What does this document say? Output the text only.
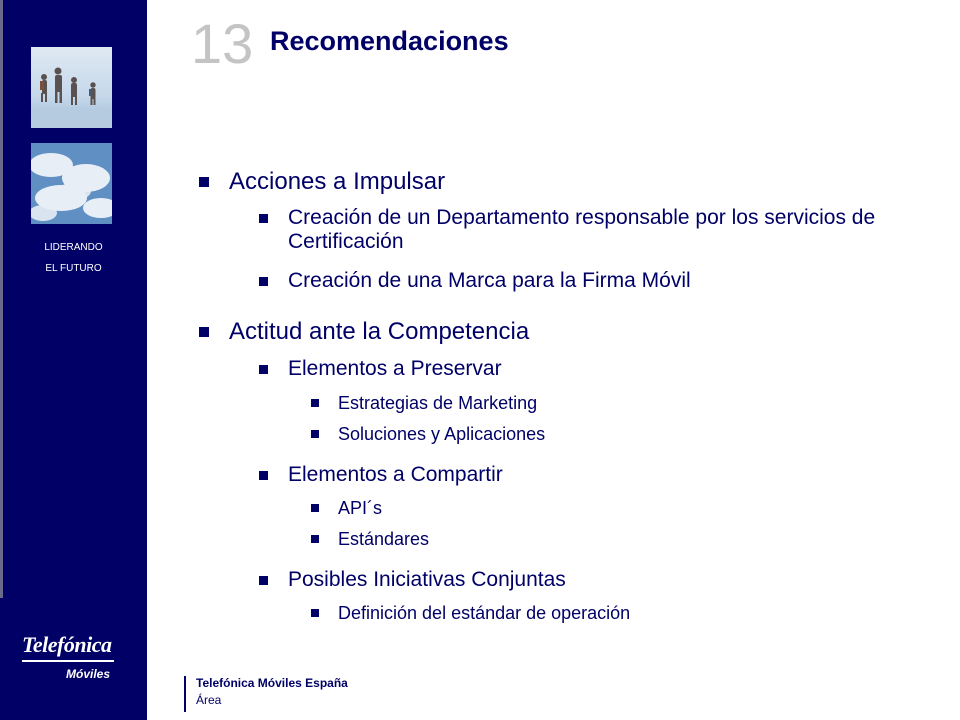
LIDERANDO
EL FUTURO
Telefónica
Móviles
13 Recomendaciones
Acciones a Impulsar
Creación de un Departamento responsable por los servicios de Certificación
Creación de una Marca para la Firma Móvil
Actitud ante la Competencia
Elementos a Preservar
Estrategias de Marketing
Soluciones y Aplicaciones
Elementos a Compartir
API´s
Estándares
Posibles Iniciativas Conjuntas
Definición del estándar de operación
Telefónica Móviles España
Área
